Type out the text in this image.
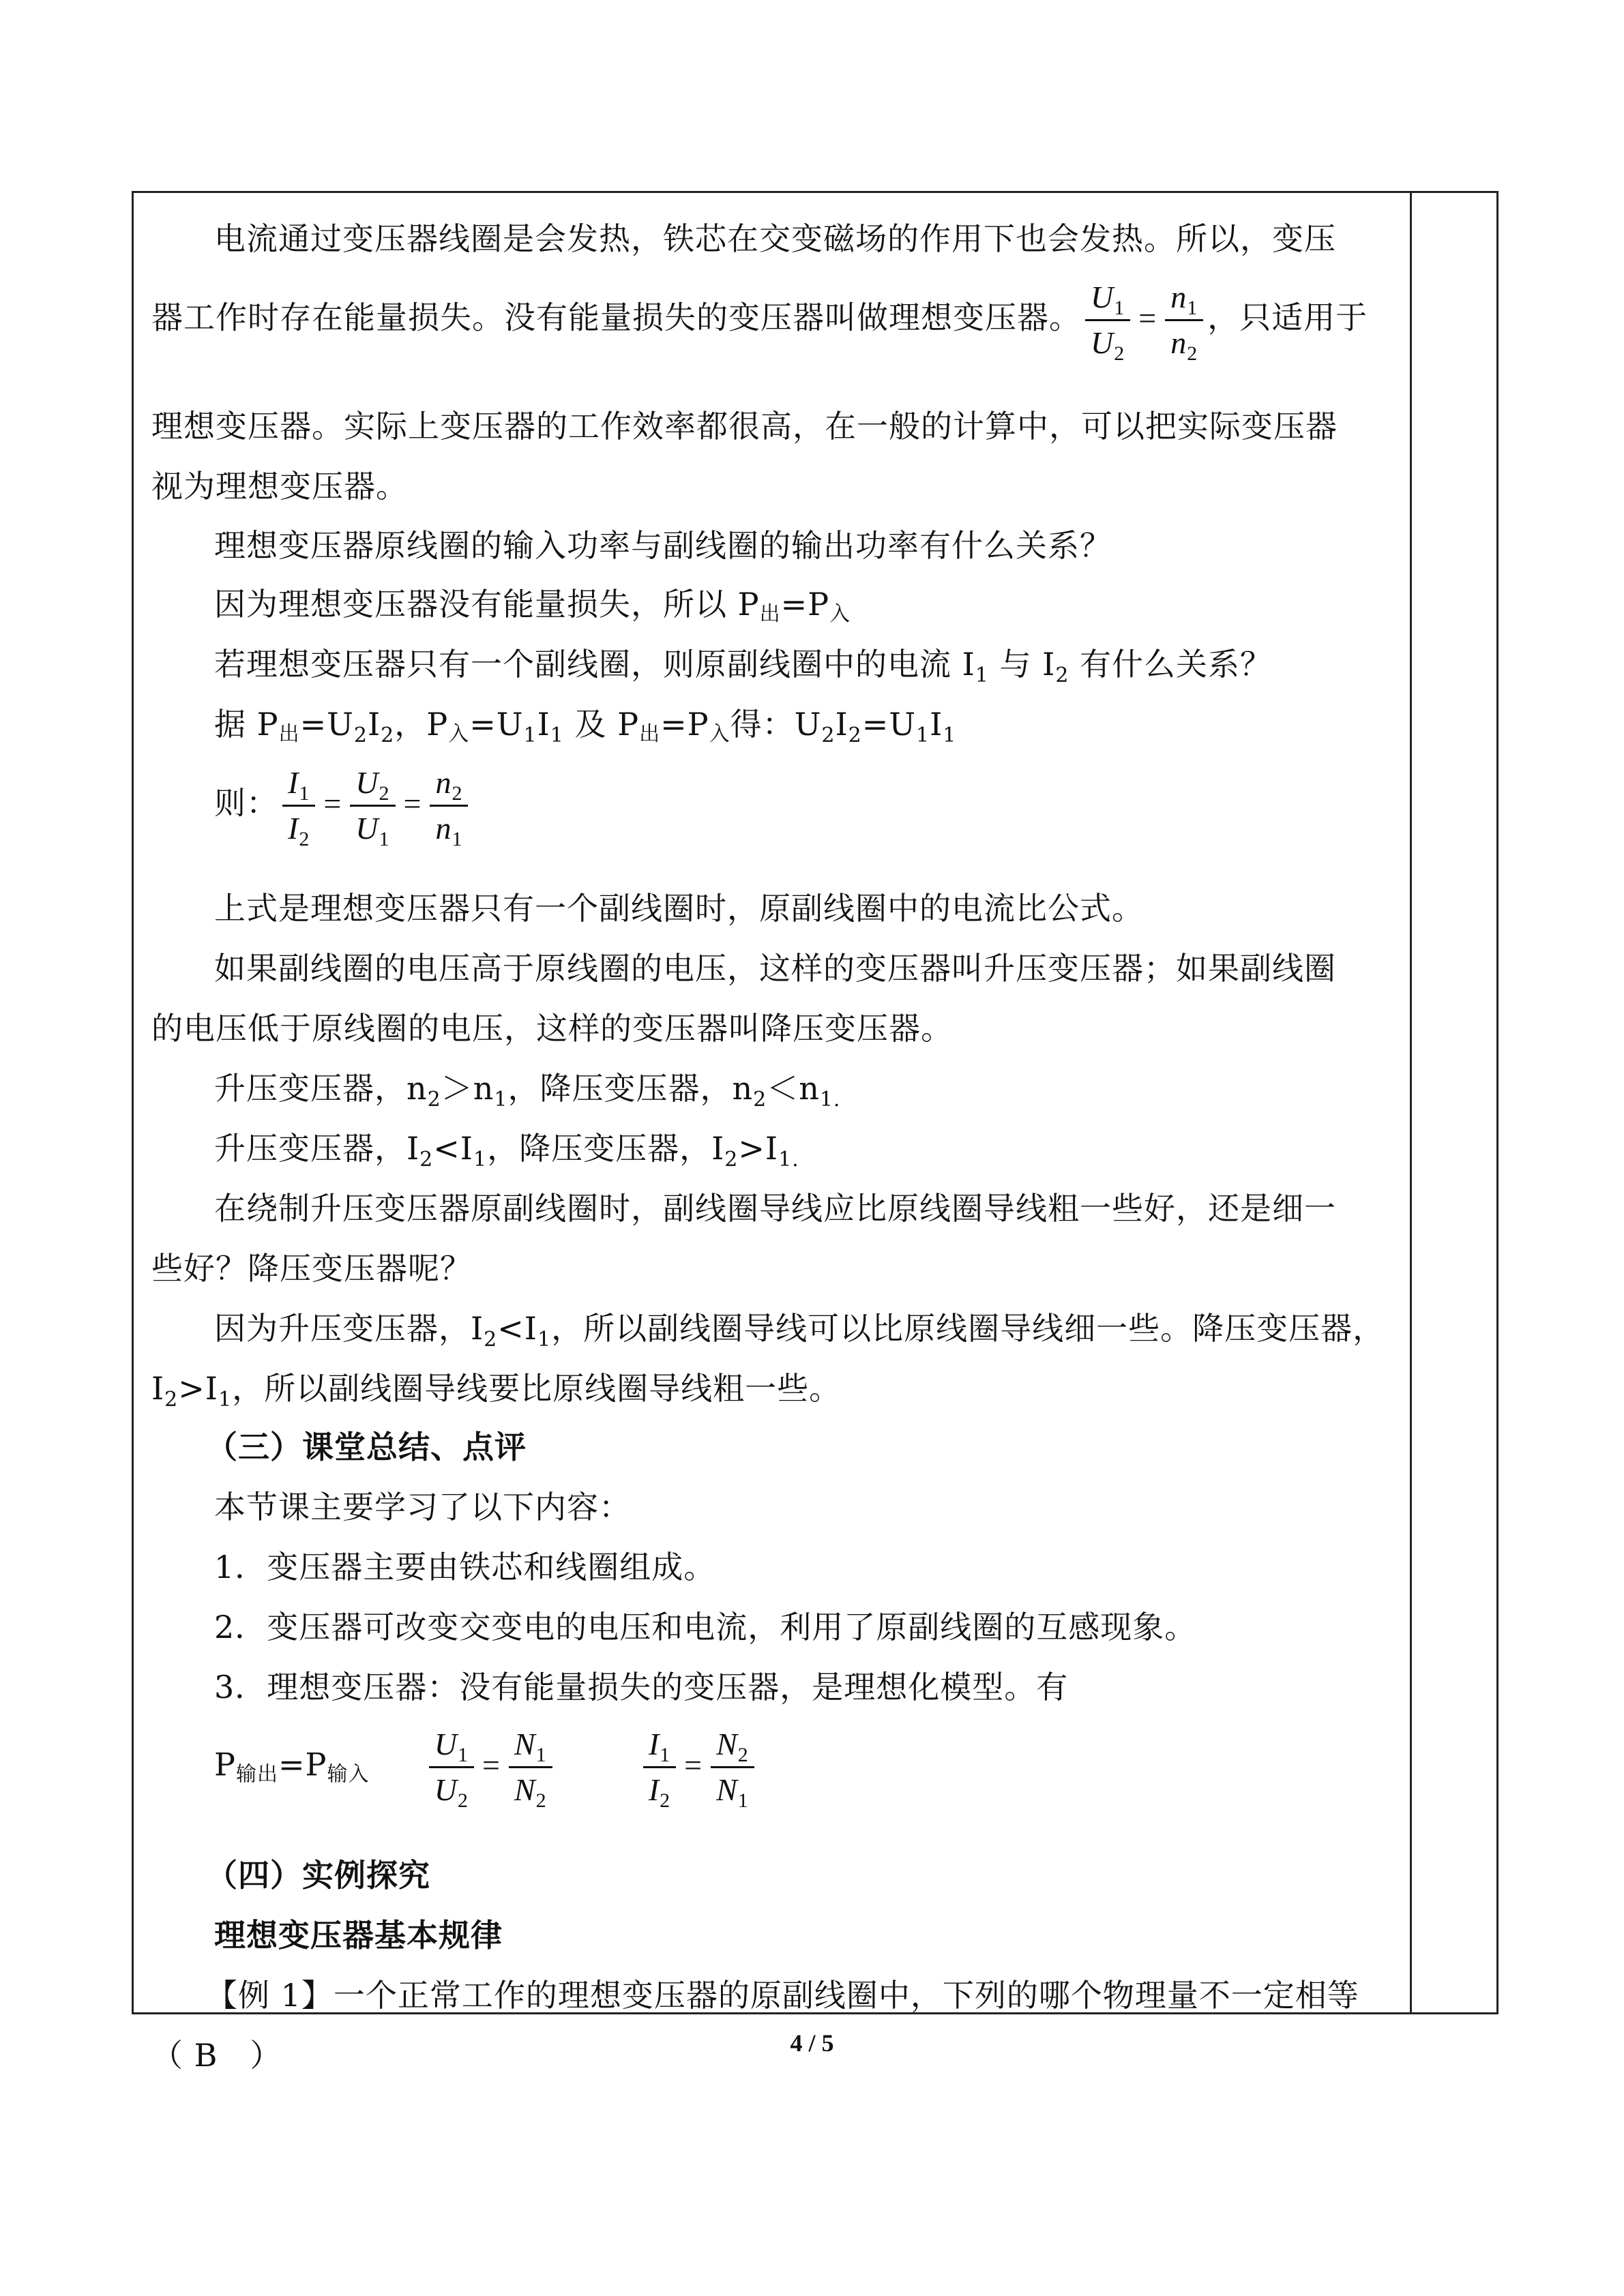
电流通过变压器线圈是会发热，铁芯在交变磁场的作用下也会发热。所以，变压
器工作时存在能量损失。没有能量损失的变压器叫做理想变压器。 $\frac{U_1}{U_2} = \frac{n_1}{n_2}$ ，只适用于
理想变压器。实际上变压器的工作效率都很高，在一般的计算中，可以把实际变压器
视为理想变压器。
理想变压器原线圈的输入功率与副线圈的输出功率有什么关系？
因为理想变压器没有能量损失，所以 P出=P入
若理想变压器只有一个副线圈，则原副线圈中的电流 $I_1$ 与 $I_2$ 有什么关系？
据 P出$=U_2I_2$，P入$=U_1I_1$ 及 P出=P入得：$U_2I_2=U_1I_1$
则： $\frac{I_1}{I_2} = \frac{U_2}{U_1} = \frac{n_2}{n_1}$
上式是理想变压器只有一个副线圈时，原副线圈中的电流比公式。
如果副线圈的电压高于原线圈的电压，这样的变压器叫升压变压器；如果副线圈
的电压低于原线圈的电压，这样的变压器叫降压变压器。
升压变压器，$n_2>n_1$，降压变压器，$n_2<n_{1.}$
升压变压器，$I_2<I_1$，降压变压器，$I_2>I_{1.}$
在绕制升压变压器原副线圈时，副线圈导线应比原线圈导线粗一些好，还是细一
些好？降压变压器呢？
因为升压变压器，$I_2<I_1$，所以副线圈导线可以比原线圈导线细一些。降压变压器，
$I_2>I_1$，所以副线圈导线要比原线圈导线粗一些。
（三）课堂总结、点评
本节课主要学习了以下内容：
1．变压器主要由铁芯和线圈组成。
2．变压器可改变交变电的电压和电流，利用了原副线圈的互感现象。
3．理想变压器：没有能量损失的变压器，是理想化模型。有
P输出=P输入 $\frac{U_1}{U_2} = \frac{N_1}{N_2}$
	$\frac{I_1}{I_2} = \frac{N_2}{N_1}$
（四）实例探究
理想变压器基本规律
【例 1】一个正常工作的理想变压器的原副线圈中，下列的哪个物理量不一定相等
（ B　）	4 / 5
